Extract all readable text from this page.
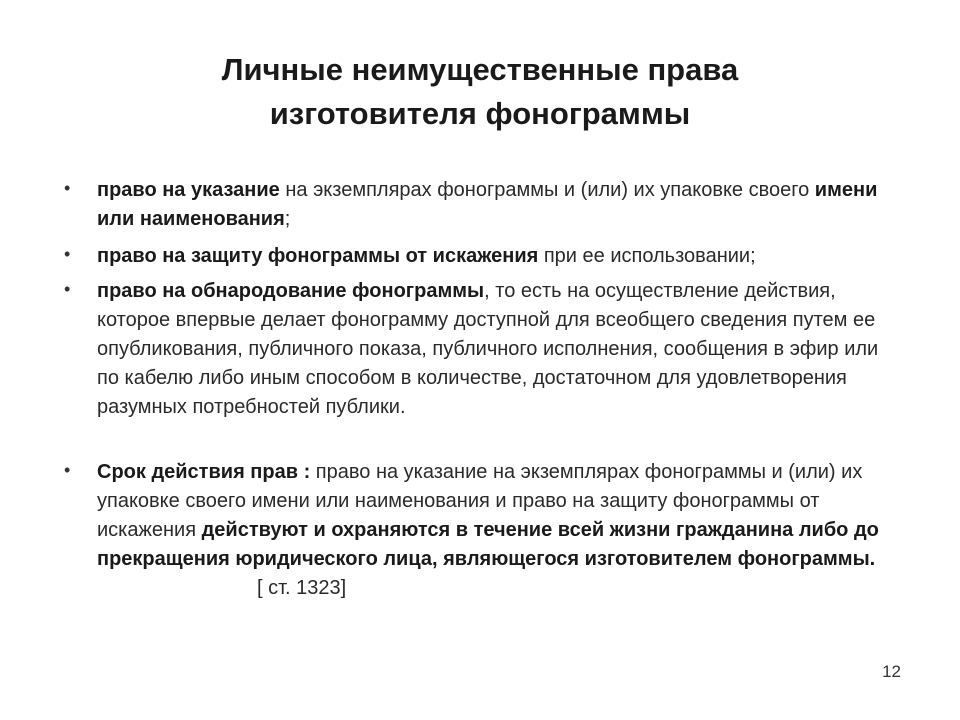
Личные неимущественные права
изготовителя фонограммы
• право на указание на экземплярах фонограммы и (или) их упаковке своего имени или наименования;
• право на защиту фонограммы от искажения при ее использовании;
• право на обнародование фонограммы, то есть на осуществление действия, которое впервые делает фонограмму доступной для всеобщего сведения путем ее опубликования, публичного показа, публичного исполнения, сообщения в эфир или по кабелю либо иным способом в количестве, достаточном для удовлетворения разумных потребностей публики.
• Срок действия прав : право на указание на экземплярах фонограммы и (или) их упаковке своего имени или наименования и право на защиту фонограммы от искажения действуют и охраняются в течение всей жизни гражданина либо до прекращения юридического лица, являющегося изготовителем фонограммы.[ ст. 1323]
12
